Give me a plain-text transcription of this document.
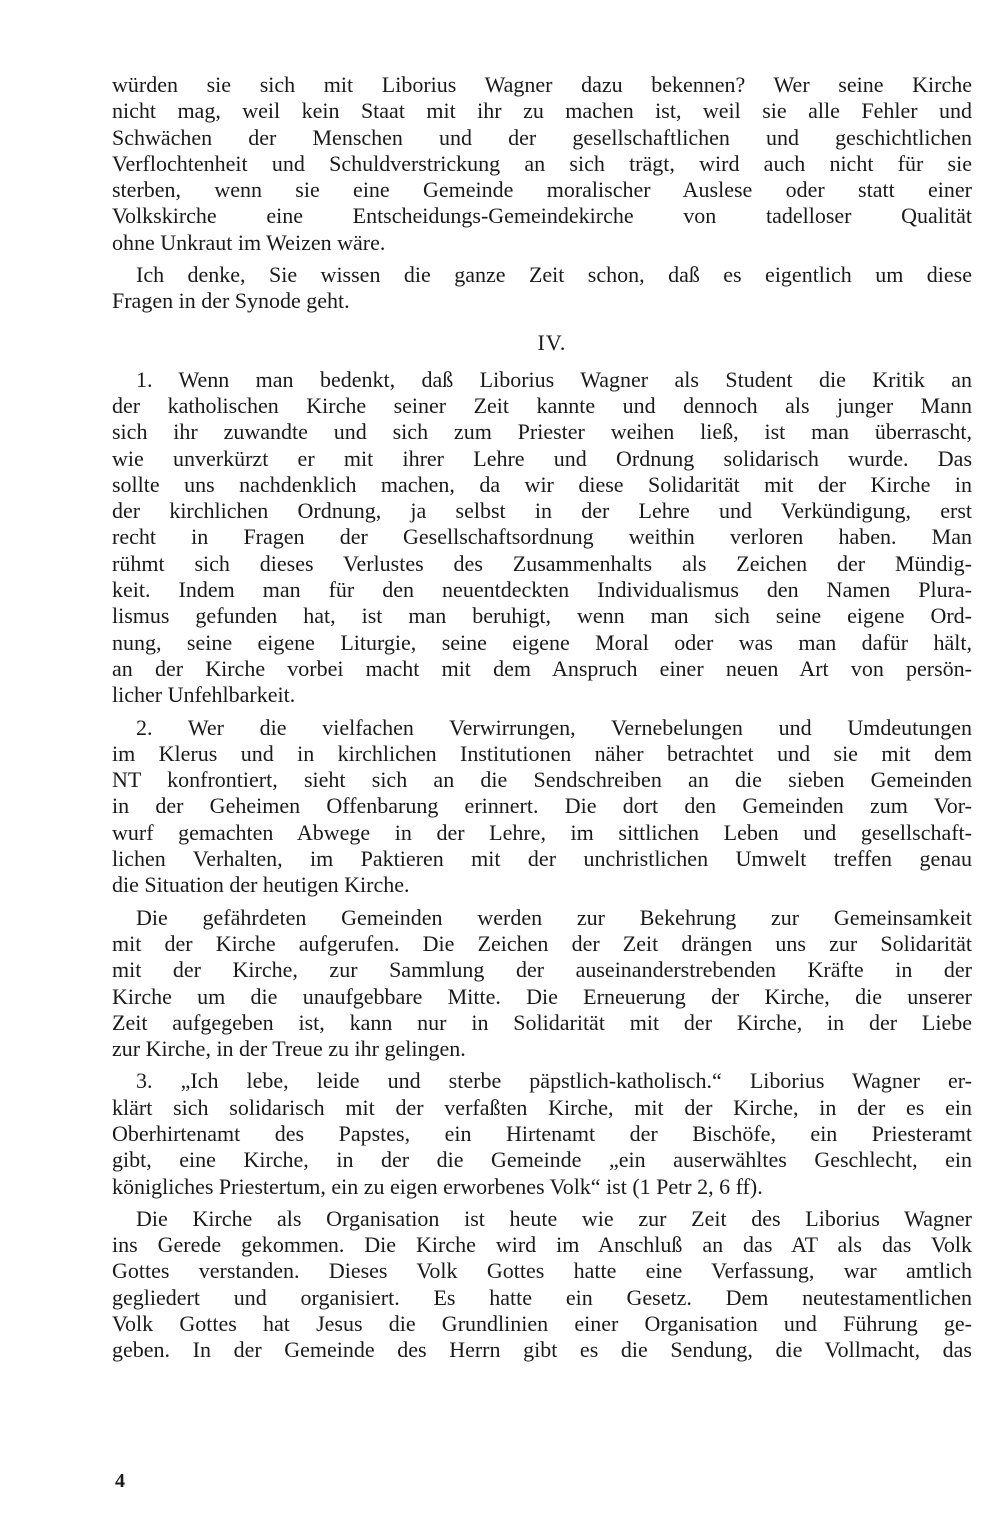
würden sie sich mit Liborius Wagner dazu bekennen? Wer seine Kirche
nicht mag, weil kein Staat mit ihr zu machen ist, weil sie alle Fehler und
Schwächen der Menschen und der gesellschaftlichen und geschichtlichen
Verflochtenheit und Schuldverstrickung an sich trägt, wird auch nicht für sie
sterben, wenn sie eine Gemeinde moralischer Auslese oder statt einer
Volkskirche eine Entscheidungs-Gemeindekirche von tadelloser Qualität
ohne Unkraut im Weizen wäre.
Ich denke, Sie wissen die ganze Zeit schon, daß es eigentlich um diese
Fragen in der Synode geht.
IV.
1. Wenn man bedenkt, daß Liborius Wagner als Student die Kritik an
der katholischen Kirche seiner Zeit kannte und dennoch als junger Mann
sich ihr zuwandte und sich zum Priester weihen ließ, ist man überrascht,
wie unverkürzt er mit ihrer Lehre und Ordnung solidarisch wurde. Das
sollte uns nachdenklich machen, da wir diese Solidarität mit der Kirche in
der kirchlichen Ordnung, ja selbst in der Lehre und Verkündigung, erst
recht in Fragen der Gesellschaftsordnung weithin verloren haben. Man
rühmt sich dieses Verlustes des Zusammenhalts als Zeichen der Mündig-
keit. Indem man für den neuentdeckten Individualismus den Namen Plura-
lismus gefunden hat, ist man beruhigt, wenn man sich seine eigene Ord-
nung, seine eigene Liturgie, seine eigene Moral oder was man dafür hält,
an der Kirche vorbei macht mit dem Anspruch einer neuen Art von persön-
licher Unfehlbarkeit.
2. Wer die vielfachen Verwirrungen, Vernebelungen und Umdeutungen
im Klerus und in kirchlichen Institutionen näher betrachtet und sie mit dem
NT konfrontiert, sieht sich an die Sendschreiben an die sieben Gemeinden
in der Geheimen Offenbarung erinnert. Die dort den Gemeinden zum Vor-
wurf gemachten Abwege in der Lehre, im sittlichen Leben und gesellschaft-
lichen Verhalten, im Paktieren mit der unchristlichen Umwelt treffen genau
die Situation der heutigen Kirche.
Die gefährdeten Gemeinden werden zur Bekehrung zur Gemeinsamkeit
mit der Kirche aufgerufen. Die Zeichen der Zeit drängen uns zur Solidarität
mit der Kirche, zur Sammlung der auseinanderstrebenden Kräfte in der
Kirche um die unaufgebbare Mitte. Die Erneuerung der Kirche, die unserer
Zeit aufgegeben ist, kann nur in Solidarität mit der Kirche, in der Liebe
zur Kirche, in der Treue zu ihr gelingen.
3. „Ich lebe, leide und sterbe päpstlich-katholisch.“ Liborius Wagner er-
klärt sich solidarisch mit der verfaßten Kirche, mit der Kirche, in der es ein
Oberhirtenamt des Papstes, ein Hirtenamt der Bischöfe, ein Priesteramt
gibt, eine Kirche, in der die Gemeinde „ein auserwähltes Geschlecht, ein
königliches Priestertum, ein zu eigen erworbenes Volk“ ist (1 Petr 2, 6 ff).
Die Kirche als Organisation ist heute wie zur Zeit des Liborius Wagner
ins Gerede gekommen. Die Kirche wird im Anschluß an das AT als das Volk
Gottes verstanden. Dieses Volk Gottes hatte eine Verfassung, war amtlich
gegliedert und organisiert. Es hatte ein Gesetz. Dem neutestamentlichen
Volk Gottes hat Jesus die Grundlinien einer Organisation und Führung ge-
geben. In der Gemeinde des Herrn gibt es die Sendung, die Vollmacht, das
4
